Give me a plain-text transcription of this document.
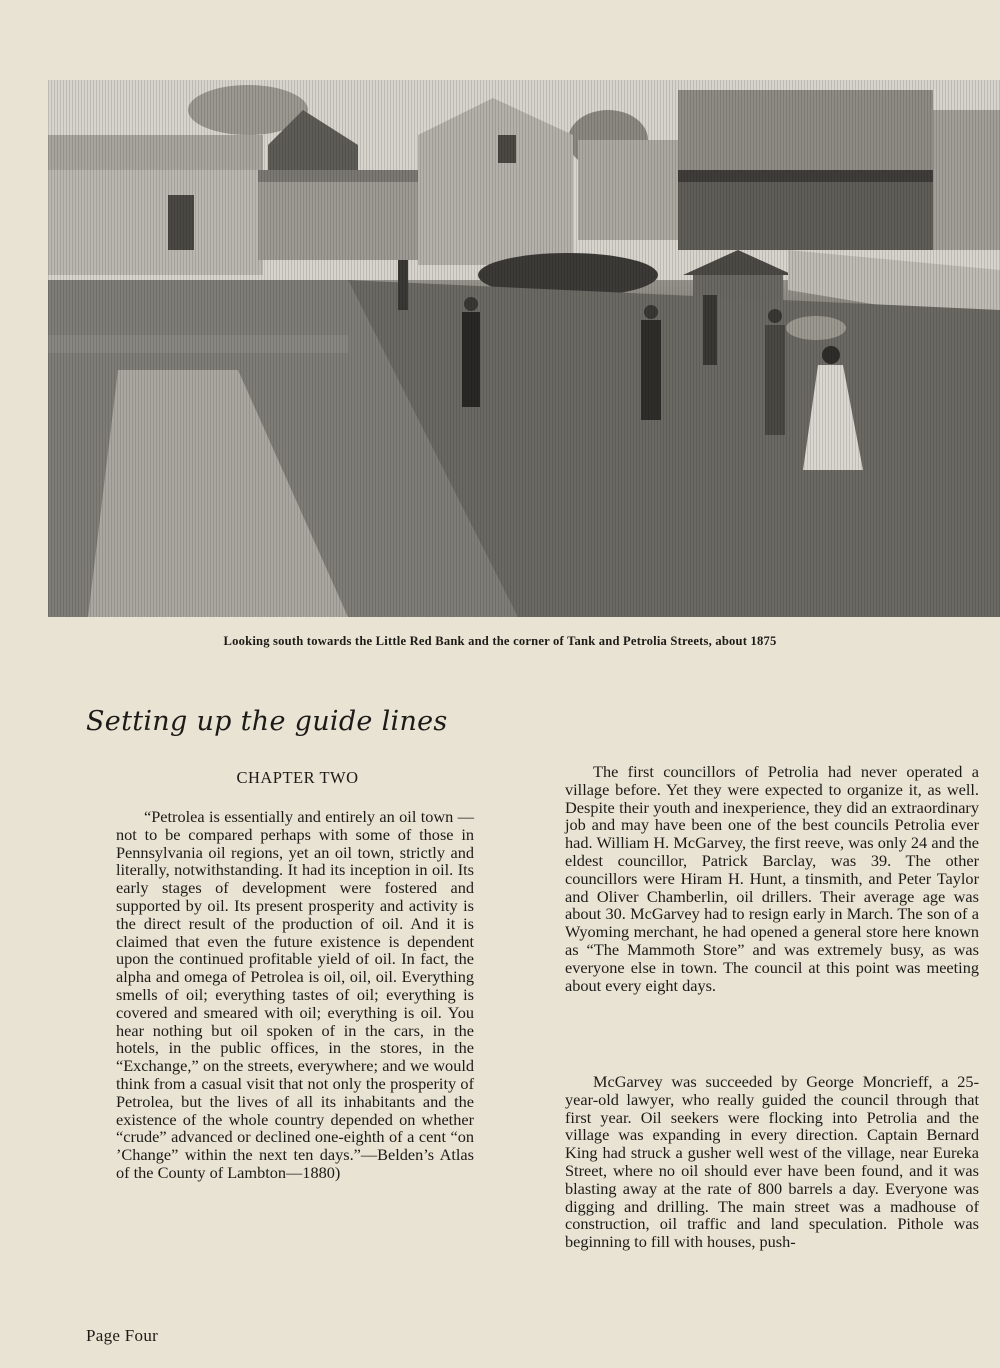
Looking south towards the Little Red Bank and the corner of Tank and Petrolia Streets, about 1875
Setting up the guide lines
CHAPTER TWO

“Petrolea is essentially and entirely an oil town — not to be compared perhaps with some of those in Pennsylvania oil regions, yet an oil town, strictly and literally, notwithstanding. It had its inception in oil. Its early stages of development were fostered and supported by oil. Its present prosperity and activity is the direct result of the production of oil. And it is claimed that even the future existence is dependent upon the continued profitable yield of oil. In fact, the alpha and omega of Petrolea is oil, oil, oil. Everything smells of oil; everything tastes of oil; everything is covered and smeared with oil; everything is oil. You hear nothing but oil spoken of in the cars, in the hotels, in the public offices, in the stores, in the “Exchange,” on the streets, everywhere; and we would think from a casual visit that not only the prosperity of Petrolea, but the lives of all its inhabitants and the existence of the whole country depended on whether “crude” advanced or declined one-eighth of a cent “on ’Change” within the next ten days.”—Belden’s Atlas of the County of Lambton—1880)

The first councillors of Petrolia had never operated a village before. Yet they were expected to organize it, as well. Despite their youth and inexperience, they did an extraordinary job and may have been one of the best councils Petrolia ever had. William H. McGarvey, the first reeve, was only 24 and the eldest councillor, Patrick Barclay, was 39. The other councillors were Hiram H. Hunt, a tinsmith, and Peter Taylor and Oliver Chamberlin, oil drillers. Their average age was about 30. McGarvey had to resign early in March. The son of a Wyoming merchant, he had opened a general store here known as “The Mammoth Store” and was extremely busy, as was everyone else in town. The council at this point was meeting about every eight days.

McGarvey was succeeded by George Moncrieff, a 25-year-old lawyer, who really guided the council through that first year. Oil seekers were flocking into Petrolia and the village was expanding in every direction. Captain Bernard King had struck a gusher well west of the village, near Eureka Street, where no oil should ever have been found, and it was blasting away at the rate of 800 barrels a day. Everyone was digging and drilling. The main street was a madhouse of construction, oil traffic and land speculation. Pithole was beginning to fill with houses, push-

Page Four
